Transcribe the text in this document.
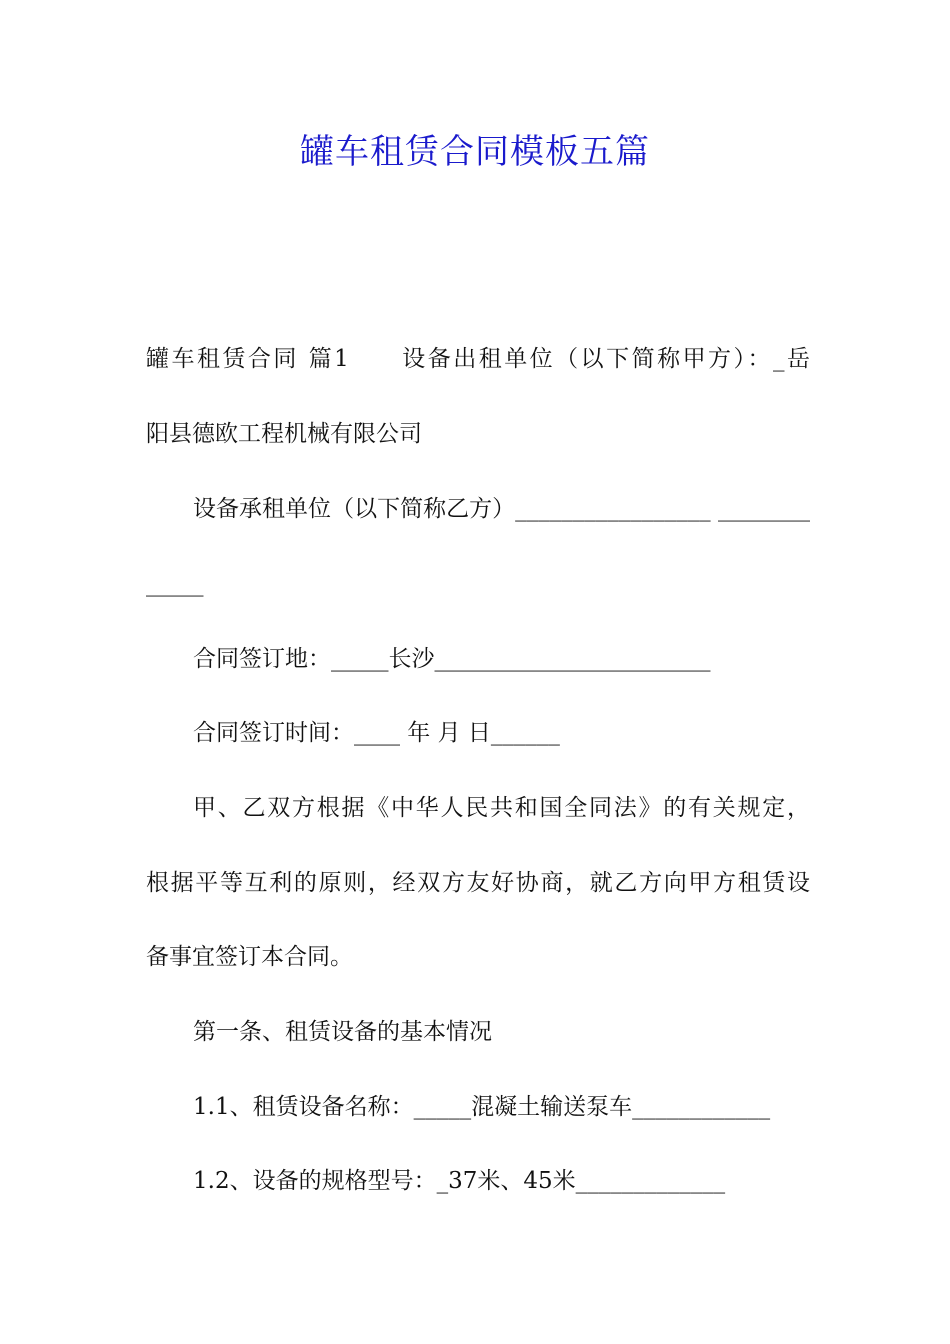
罐车租赁合同模板五篇
罐车租赁合同 篇1　　设备出租单位（以下简称甲方）：_岳
阳县德欧工程机械有限公司
设备承租单位（以下简称乙方）_________________ ________
_____
合同签订地：_____长沙________________________
合同签订时间：____ 年 月 日______
甲、乙双方根据《中华人民共和国全同法》的有关规定，
根据平等互利的原则，经双方友好协商，就乙方向甲方租赁设
备事宜签订本合同。
第一条、租赁设备的基本情况
1.1、租赁设备名称：_____混凝土输送泵车____________
1.2、设备的规格型号：_37米、45米_____________
